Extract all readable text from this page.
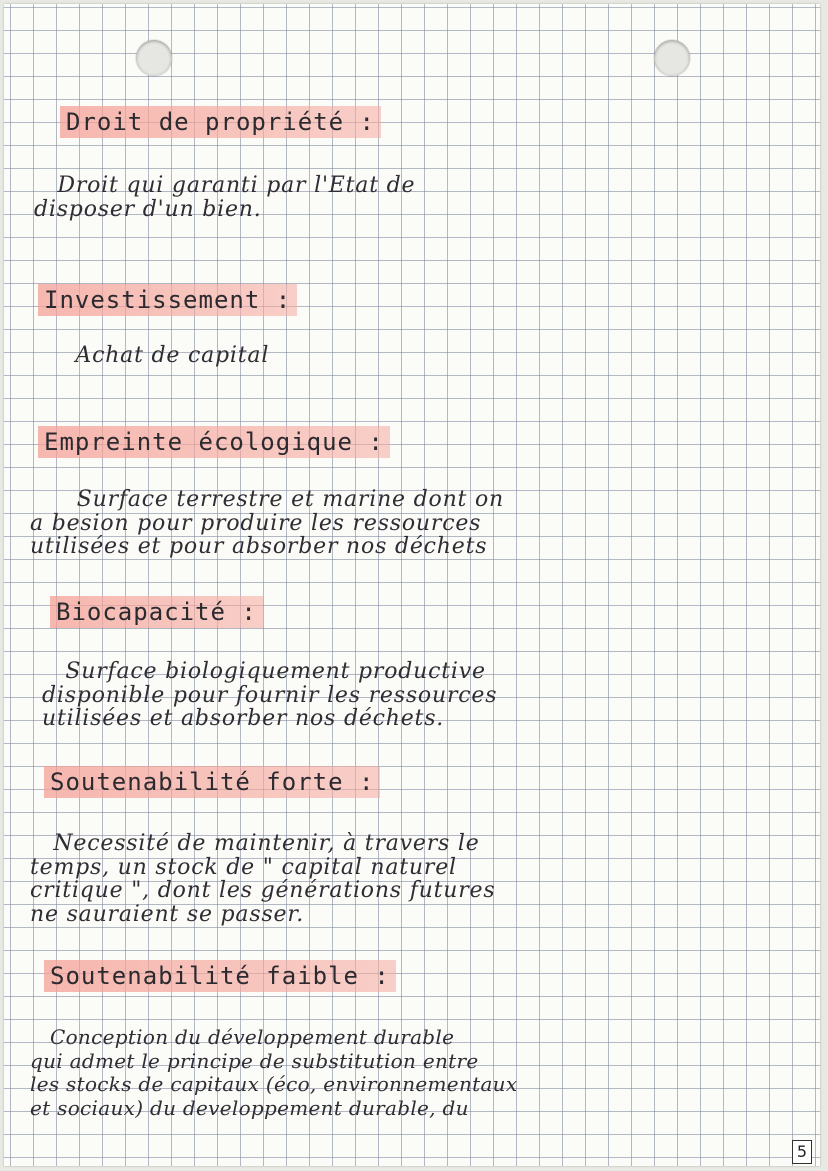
Droit de propriété :
Droit qui garanti par l'Etat de
disposer d'un bien.
Investissement :
Achat de capital
Empreinte écologique :
Surface terrestre et marine dont on
a besion pour produire les ressources
utilisées et pour absorber nos déchets
Biocapacité :
Surface biologiquement productive
disponible pour fournir les ressources
utilisées et absorber nos déchets.
Soutenabilité forte :
Necessité de maintenir, à travers le
temps, un stock de " capital naturel
critique ", dont les générations futures
ne sauraient se passer.
Soutenabilité faible :
Conception du développement durable
qui admet le principe de substitution entre
les stocks de capitaux (éco, environnementaux
et sociaux) du developpement durable, du
5
